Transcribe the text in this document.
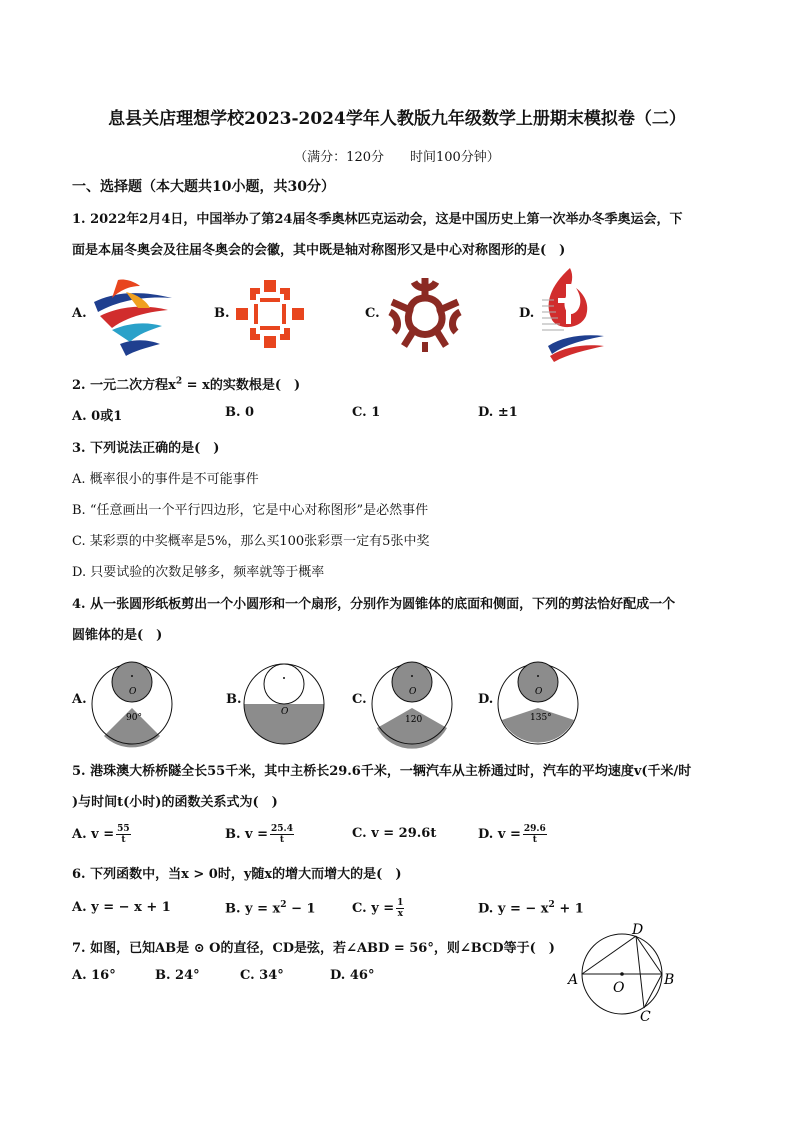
息县关店理想学校2023-2024学年人教版九年级数学上册期末模拟卷（二）
（满分：120分　　时间100分钟）
一、选择题（本大题共10小题，共30分）
1. 2022年2月4日，中国举办了第24届冬季奥林匹克运动会，这是中国历史上第一次举办冬季奥运会，下
面是本届冬奥会及往届冬奥会的会徽，其中既是轴对称图形又是中心对称图形的是(　)
A.	B.	C.	D.
2. 一元二次方程$x^2 = x$的实数根是(　)
A. 0或1	B. 0	C. 1	D. ±1
3. 下列说法正确的是(　)
A. 概率很小的事件是不可能事件
B. “任意画出一个平行四边形，它是中心对称图形”是必然事件
C. 某彩票的中奖概率是5%，那么买100张彩票一定有5张中奖
D. 只要试验的次数足够多，频率就等于概率
4. 从一张圆形纸板剪出一个小圆形和一个扇形，分别作为圆锥体的底面和侧面，下列的剪法恰好配成一个
圆锥体的是(　)
A.	O
90°
B.
O
C.	O
120
D.	O
135°
5. 港珠澳大桥桥隧全长55千米，其中主桥长29.6千米，一辆汽车从主桥通过时，汽车的平均速度v(千米/时
)与时间t(小时)的函数关系式为(　)
A. $v = \frac{55}{t}$	B. $v = \frac{25.4}{t}$	C. v = 29.6t	D. $v = \frac{29.6}{t}$
6. 下列函数中，当x > 0时，y随x的增大而增大的是(　)
A. y = − x + 1	B. $y = x^2 - 1$	C. $y = \frac{1}{x}$	D. y = − $x^2 + 1$
7. 如图，已知AB是 ⊙ O的直径，CD是弦，若∠ABD = 56°，则∠BCD等于(　)
A. 16°	B. 24°	C. 34°	D. 46°	A	B
C
D
O
